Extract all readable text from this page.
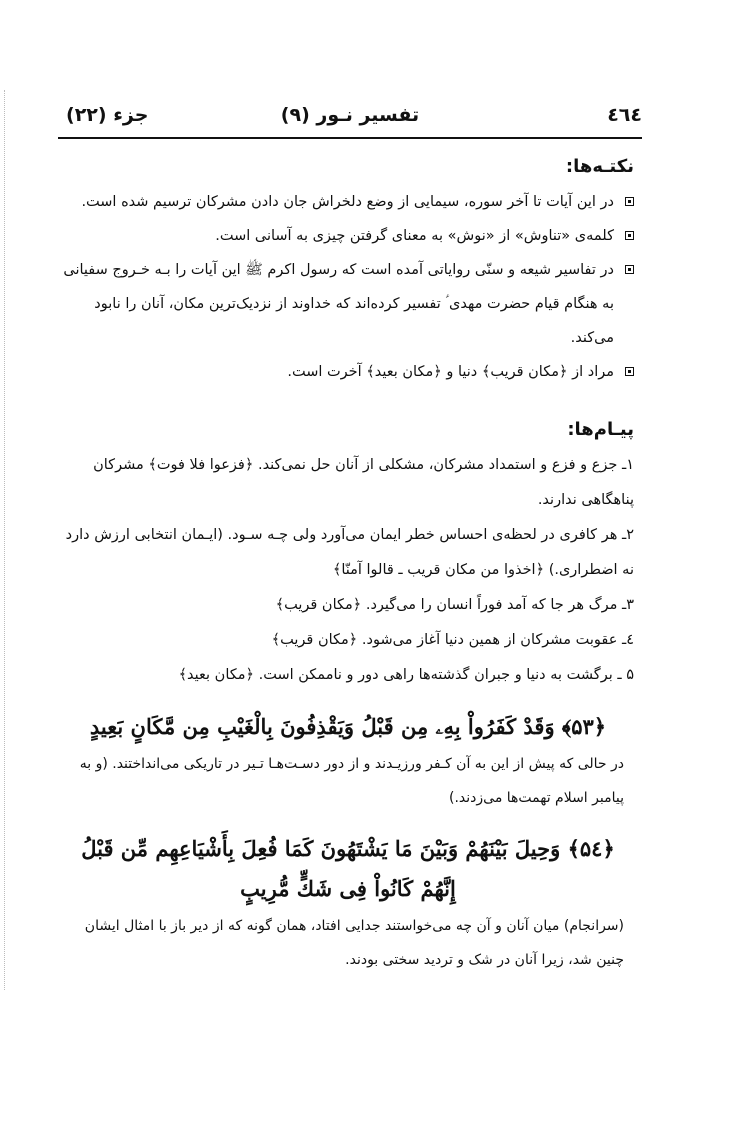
٤٦٤
تفسیر نـور (۹)
جزء (۲۲)
نکتـه‌ها:
در این آیات تا آخر سوره، سیمایی از وضع دلخراش جان دادن مشرکان ترسیم شده است.
کلمه‌ی «تناوش» از «نوش» به معنای گرفتن چیزی به آسانی است.
در تفاسیر شیعه و سنّی روایاتی آمده است که رسول اکرم ﷺ این آیات را بـه خـروج سفیانی به هنگام قیام حضرت مهدی ؑ تفسیر کرده‌اند که خداوند از نزدیک‌ترین مکان، آنان را نابود می‌کند.
مراد از ﴿مكان قريب﴾ دنیا و ﴿مكان بعيد﴾ آخرت است.
پیـام‌ها:
۱ـ جزع و فزع و استمداد مشرکان، مشکلی از آنان حل نمی‌کند. ﴿فزعوا فلا فوت﴾ مشرکان پناهگاهی ندارند.
۲ـ هر کافری در لحظه‌ی احساس خطر ایمان می‌آورد ولی چـه سـود. (ایـمان انتخابی ارزش دارد نه اضطراری.) ﴿اخذوا من مكان قريب ـ قالوا آمنّا﴾
۳ـ مرگ هر جا که آمد فوراً انسان را می‌گیرد. ﴿مكان قريب﴾
٤ـ عقوبت مشرکان از همین دنیا آغاز می‌شود. ﴿مكان قريب﴾
۵ ـ برگشت به دنیا و جبران گذشته‌ها راهی دور و ناممکن است. ﴿مكان بعيد﴾
﴿۵۳﴾ وَقَدْ كَفَرُواْ بِهِۦ مِن قَبْلُ وَيَقْذِفُونَ بِالْغَيْبِ مِن مَّكَانٍ بَعِيدٍ
در حالی که پیش از این به آن کـفر ورزیـدند و از دور دسـت‌هـا تـیر در تاریکی می‌انداختند. (و به پیامبر اسلام تهمت‌ها می‌زدند.)
﴿۵٤﴾ وَحِيلَ بَيْنَهُمْ وَبَيْنَ مَا يَشْتَهُونَ كَمَا فُعِلَ بِأَشْيَاعِهِم مِّن قَبْلُ إِنَّهُمْ كَانُواْ فِى شَكٍّ مُّرِيبٍ
(سرانجام) میان آنان و آن چه می‌خواستند جدایی افتاد، همان گونه که از دیر باز با امثال ایشان چنین شد، زیرا آنان در شک و تردید سختی بودند.
